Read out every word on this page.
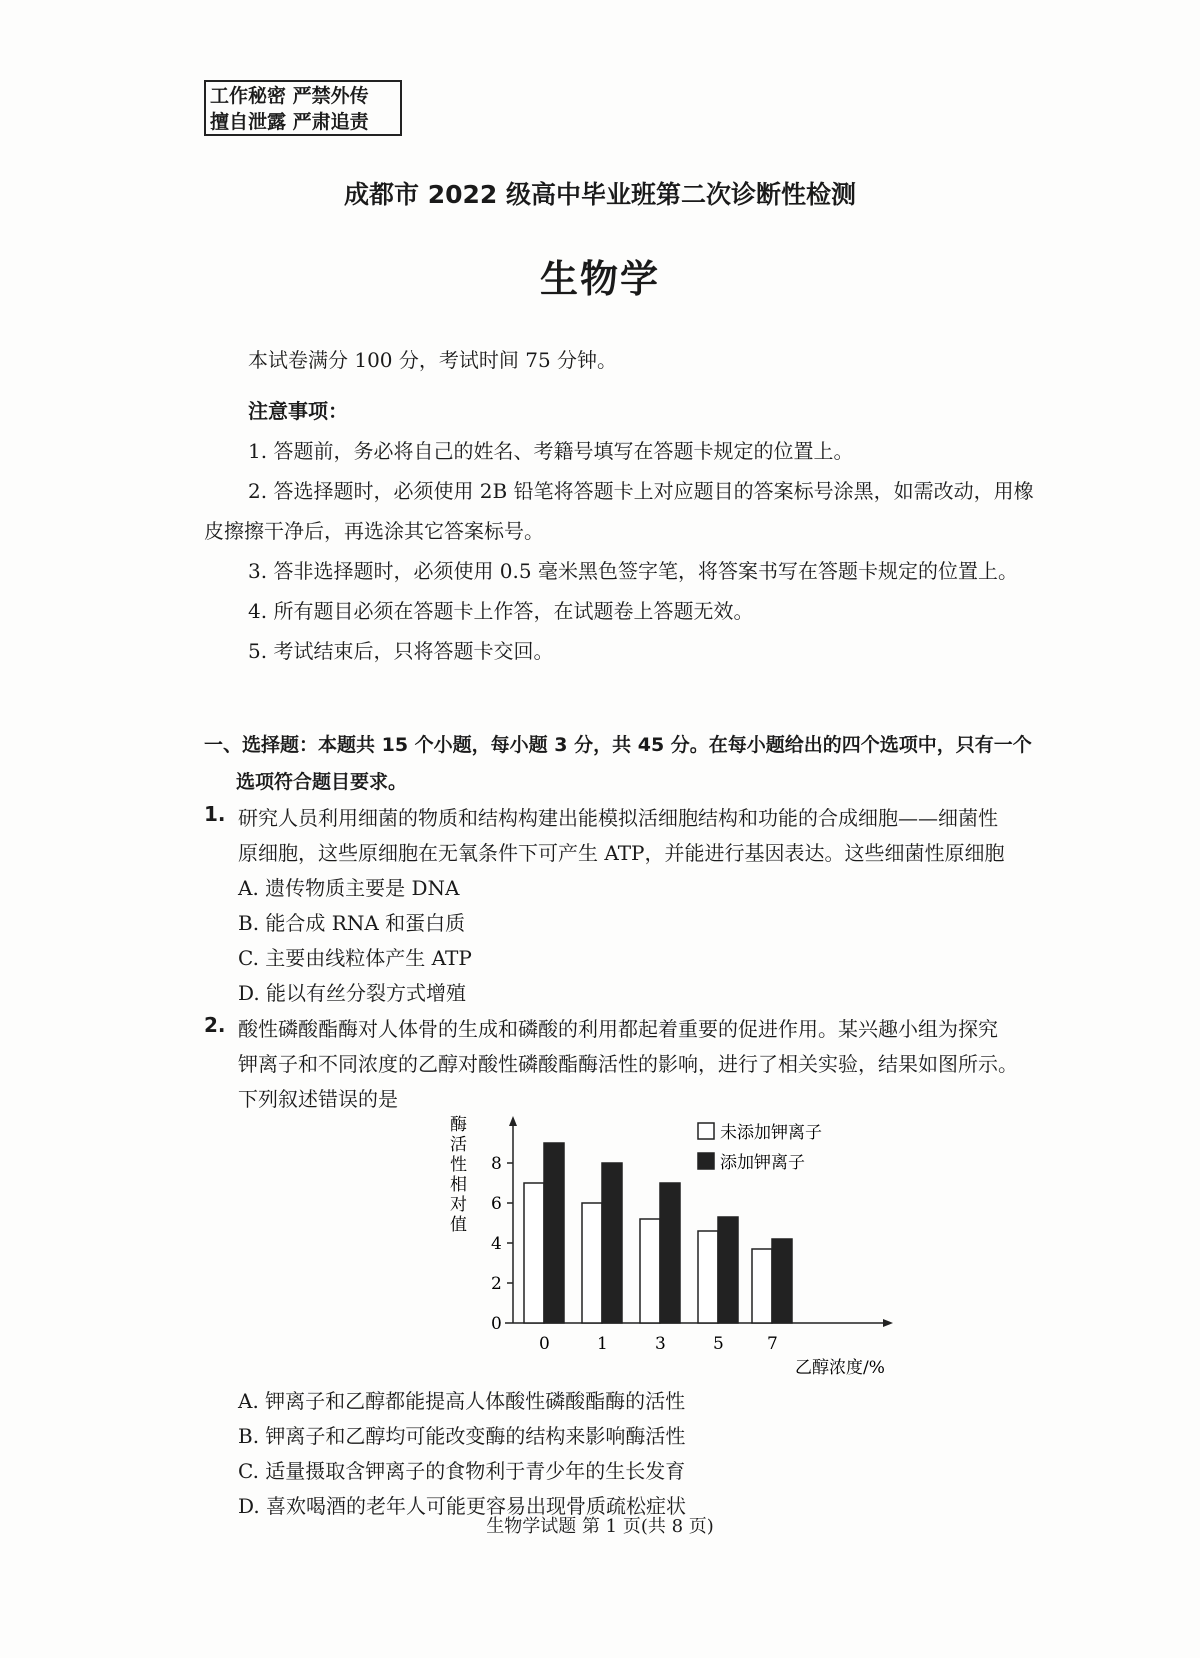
工作秘密 严禁外传
擅自泄露 严肃追责
成都市 2022 级高中毕业班第二次诊断性检测
生物学
本试卷满分 100 分，考试时间 75 分钟。
注意事项：
1. 答题前，务必将自己的姓名、考籍号填写在答题卡规定的位置上。
2. 答选择题时，必须使用 2B 铅笔将答题卡上对应题目的答案标号涂黑，如需改动，用橡
皮擦擦干净后，再选涂其它答案标号。
3. 答非选择题时，必须使用 0.5 毫米黑色签字笔，将答案书写在答题卡规定的位置上。
4. 所有题目必须在答题卡上作答，在试题卷上答题无效。
5. 考试结束后，只将答题卡交回。
一、选择题：本题共 15 个小题，每小题 3 分，共 45 分。在每小题给出的四个选项中，只有一个
选项符合题目要求。
1. 研究人员利用细菌的物质和结构构建出能模拟活细胞结构和功能的合成细胞——细菌性
原细胞，这些原细胞在无氧条件下可产生 ATP，并能进行基因表达。这些细菌性原细胞
A. 遗传物质主要是 DNA
B. 能合成 RNA 和蛋白质
C. 主要由线粒体产生 ATP
D. 能以有丝分裂方式增殖
2. 酸性磷酸酯酶对人体骨的生成和磷酸的利用都起着重要的促进作用。某兴趣小组为探究
钾离子和不同浓度的乙醇对酸性磷酸酯酶活性的影响，进行了相关实验，结果如图所示。
下列叙述错误的是
酶
活
性
相
对
值
0
2
4
6
8
0	1	3	5	7
乙醇浓度/%
未添加钾离子
添加钾离子
A. 钾离子和乙醇都能提高人体酸性磷酸酯酶的活性
B. 钾离子和乙醇均可能改变酶的结构来影响酶活性
C. 适量摄取含钾离子的食物利于青少年的生长发育
D. 喜欢喝酒的老年人可能更容易出现骨质疏松症状
生物学试题 第 1 页(共 8 页)
